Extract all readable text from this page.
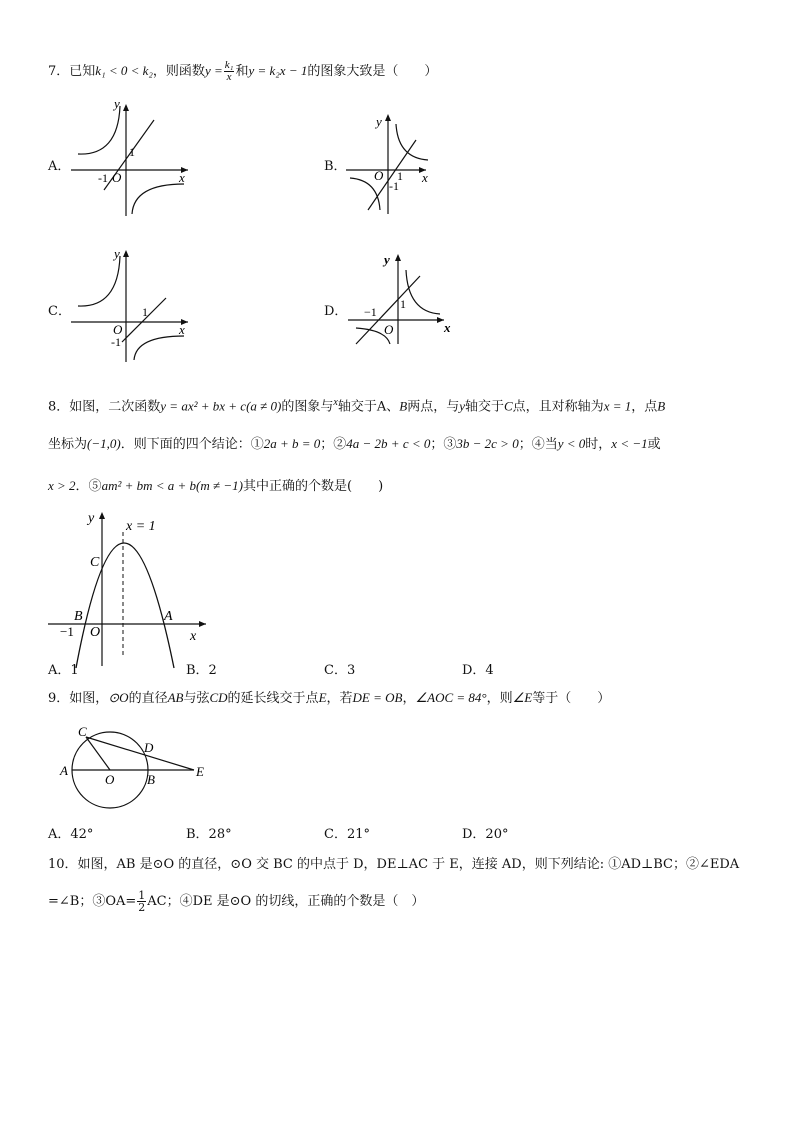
7．已知k₁ < 0 < k₂，则函数$y = \frac{\text{k₁}}{x}$ 和y = k₂x − 1的图象大致是（　　）
A．
y
x
O
-1
1
B．
y
x
O 1
-1
C．
y
x
O
1
-1
D．
y
x
O
−1
1
8．如图，二次函数y = ax² + bx + c(a ≠ 0)的图象与$^x$轴交于A、B两点，与y轴交于C点，且对称轴为x = 1，点B
坐标为(−1,0)．则下面的四个结论：①2a + b = 0；②4a − 2b + c < 0；③3b − 2c > 0；④当y < 0时，x < −1或
x > 2．⑤am² + bm < a + b(m ≠ −1)其中正确的个数是(　　)
y
x
x = 1
C
B	A
O
−1
A．1	B．2	C．3	D．4
9．如图，⊙O的直径AB与弦CD的延长线交于点E，若DE = OB，∠AOC = 84°，则∠E等于（　　）
C
D
A
O	B
E
A．42°	B．28°	C．21°	D．20°
10．如图，AB 是⊙O 的直径，⊙O 交 BC 的中点于 D，DE⊥AC 于 E，连接 AD，则下列结论: ①AD⊥BC；②∠EDA
=∠B；③OA= $\frac{1}{2}$ AC；④DE 是⊙O 的切线，正确的个数是（　）
